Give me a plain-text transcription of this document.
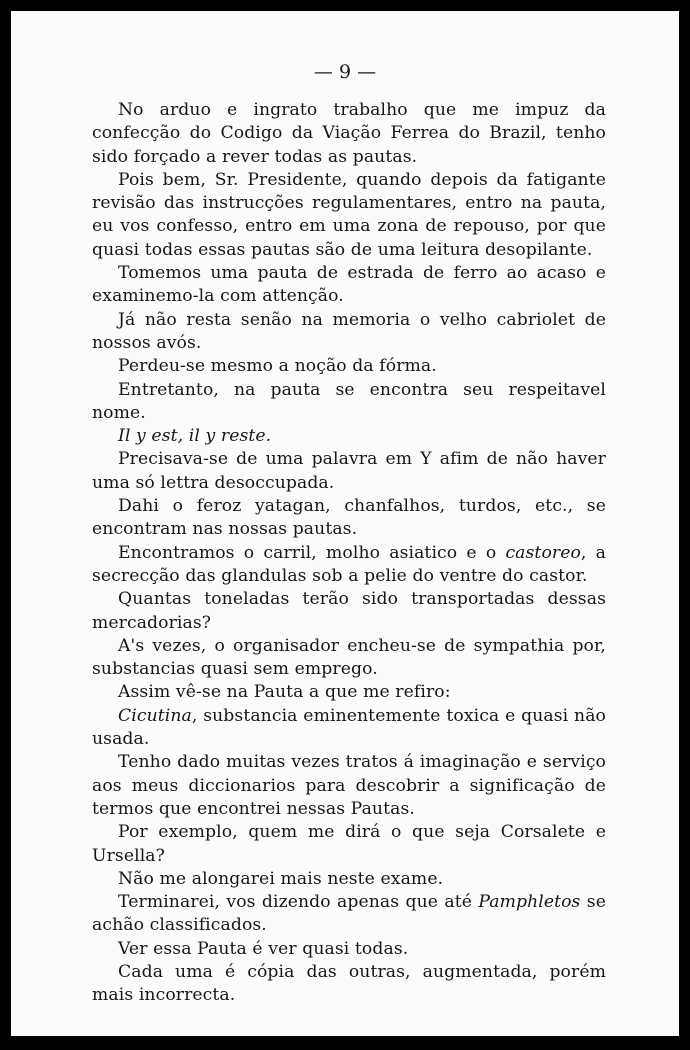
— 9 —

No arduo e ingrato trabalho que me impuz da confecção do Codigo da Viação Ferrea do Brazil, tenho sido forçado a rever todas as pautas.

Pois bem, Sr. Presidente, quando depois da fatigante revisão das instrucções regulamentares, entro na pauta, eu vos confesso, entro em uma zona de repouso, por que quasi todas essas pautas são de uma leitura desopilante.

Tomemos uma pauta de estrada de ferro ao acaso e examinemo-la com attenção.

Já não resta senão na memoria o velho cabriolet de nossos avós.

Perdeu-se mesmo a noção da fórma.

Entretanto, na pauta se encontra seu respeitavel nome.

Il y est, il y reste.

Precisava-se de uma palavra em Y afim de não haver uma só lettra desoccupada.

Dahi o feroz yatagan, chanfalhos, turdos, etc., se encontram nas nossas pautas.

Encontramos o carril, molho asiatico e o castoreo, a secrecção das glandulas sob a pelie do ventre do castor.

Quantas toneladas terão sido transportadas dessas mercadorias?

A's vezes, o organisador encheu-se de sympathia por, substancias quasi sem emprego.

Assim vê-se na Pauta a que me refiro:

Cicutina, substancia eminentemente toxica e quasi não usada.

Tenho dado muitas vezes tratos á imaginação e serviço aos meus diccionarios para descobrir a significação de termos que encontrei nessas Pautas.

Por exemplo, quem me dirá o que seja Corsalete e Ursella?

Não me alongarei mais neste exame.

Terminarei, vos dizendo apenas que até Pamphletos se achão classificados.

Ver essa Pauta é ver quasi todas.

Cada uma é cópia das outras, augmentada, porém mais incorrecta.
